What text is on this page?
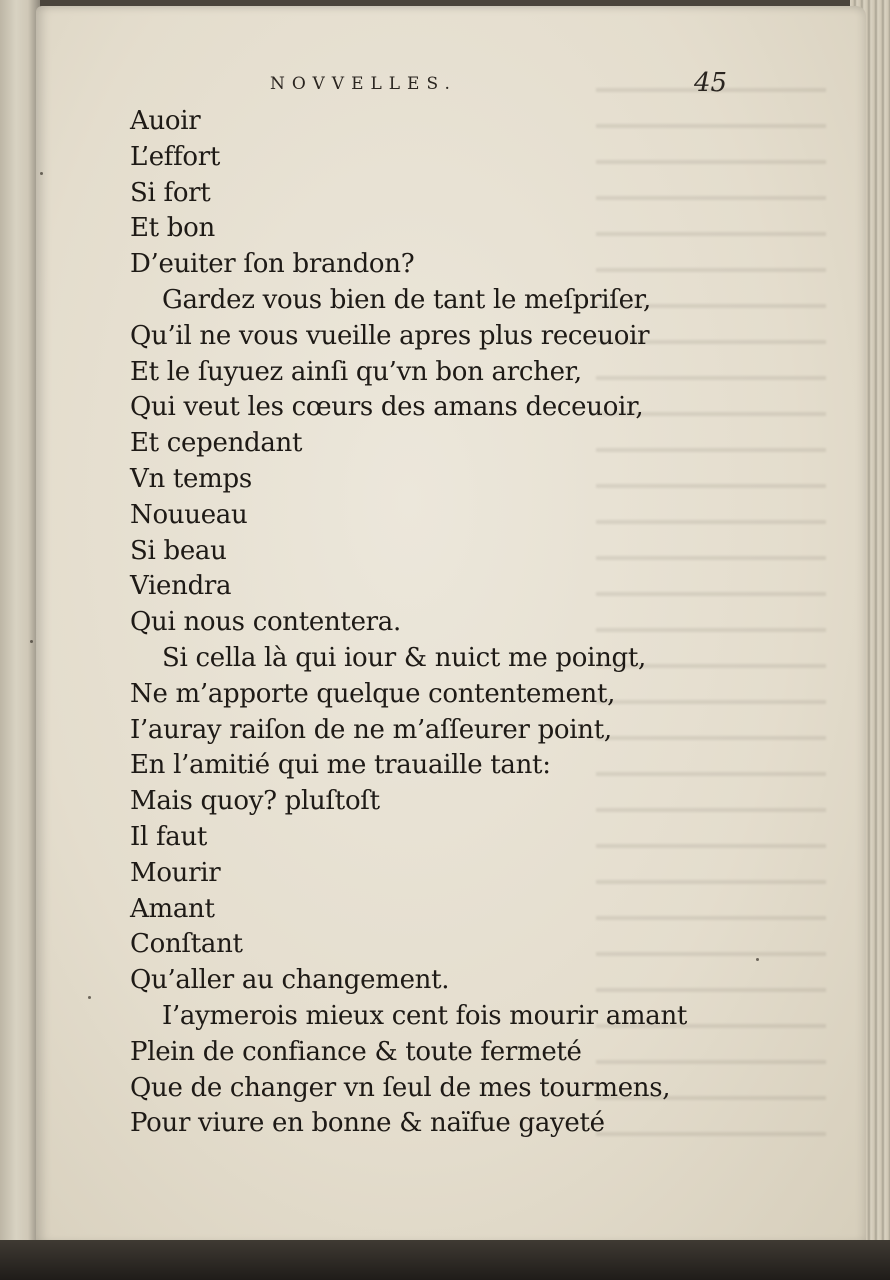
NOVVELLES.	45
Auoir
L’effort
Si fort
Et bon
D’euiter ſon brandon?
Gardez vous bien de tant le meſpriſer,
Qu’il ne vous vueille apres plus receuoir
Et le ſuyuez ainſi qu’vn bon archer,
Qui veut les cœurs des amans deceuoir,
Et cependant
Vn temps
Nouueau
Si beau
Viendra
Qui nous contentera.
Si cella là qui iour & nuict me poingt,
Ne m’apporte quelque contentement,
I’auray raiſon de ne m’aſſeurer point,
En l’amitié qui me trauaille tant:
Mais quoy? pluſtoſt
Il faut
Mourir
Amant
Conſtant
Qu’aller au changement.
I’aymerois mieux cent fois mourir amant
Plein de confiance & toute fermeté
Que de changer vn ſeul de mes tourmens,
Pour viure en bonne & naïfue gayeté
